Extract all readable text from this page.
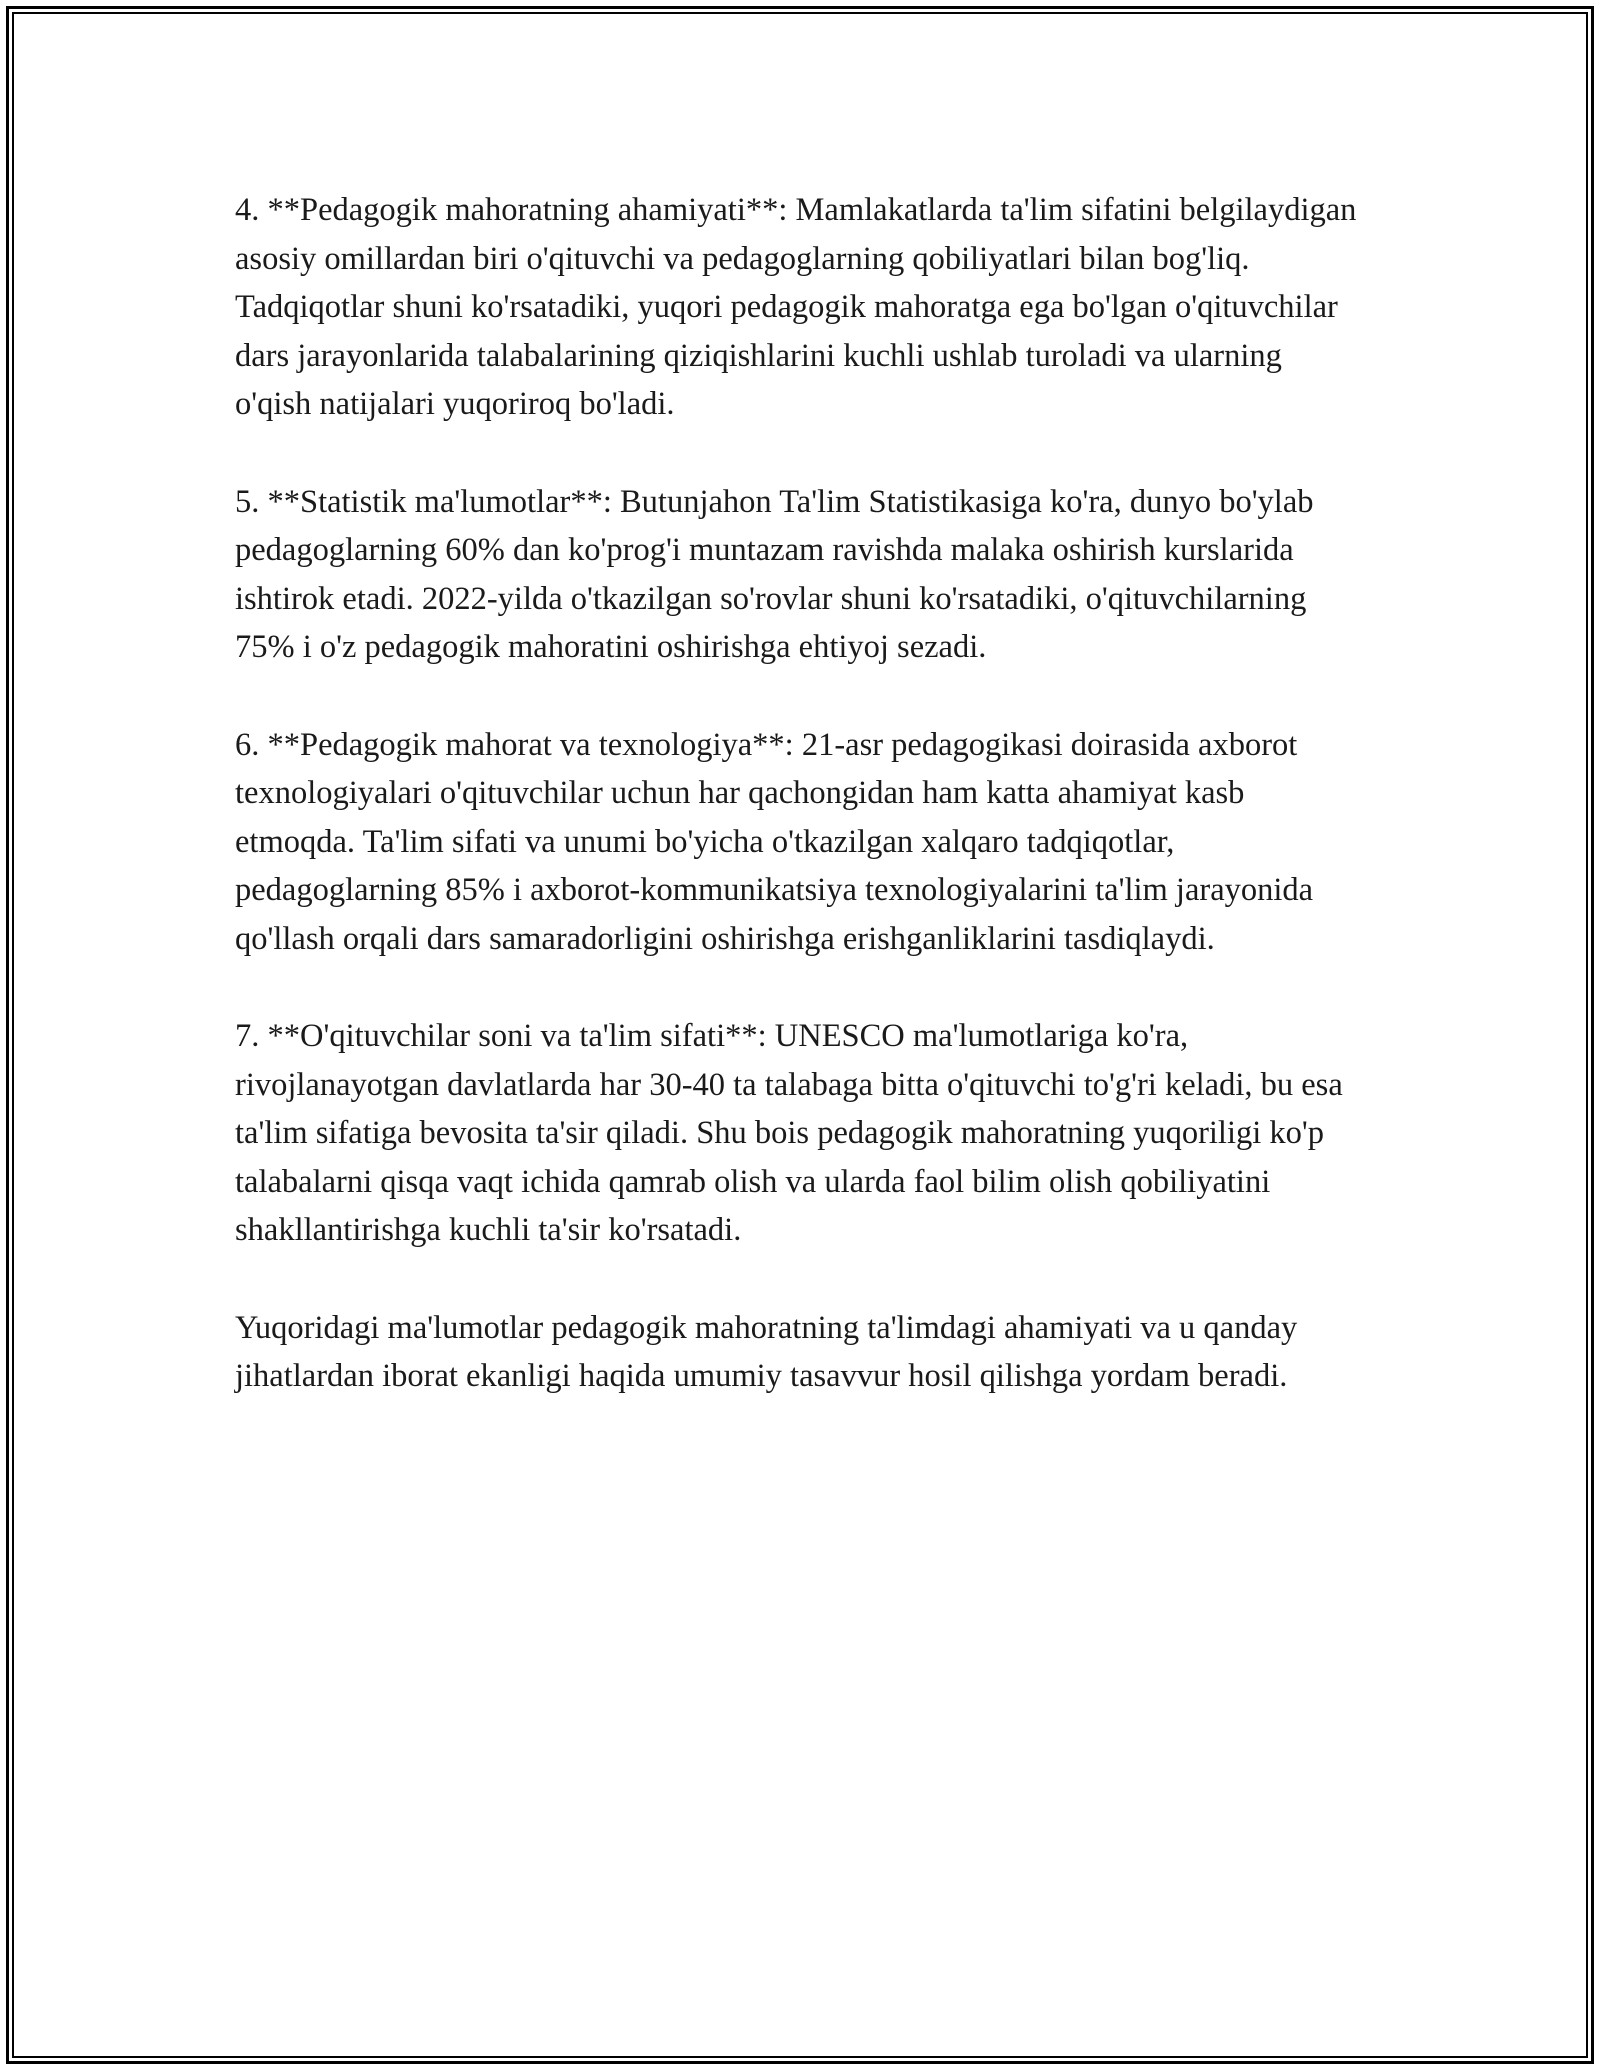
4. **Pedagogik mahoratning ahamiyati**: Mamlakatlarda ta'lim sifatini belgilaydigan asosiy omillardan biri o'qituvchi va pedagoglarning qobiliyatlari bilan bog'liq. Tadqiqotlar shuni ko'rsatadiki, yuqori pedagogik mahoratga ega bo'lgan o'qituvchilar dars jarayonlarida talabalarining qiziqishlarini kuchli ushlab turoladi va ularning o'qish natijalari yuqoriroq bo'ladi.

5. **Statistik ma'lumotlar**: Butunjahon Ta'lim Statistikasiga ko'ra, dunyo bo'ylab pedagoglarning 60% dan ko'prog'i muntazam ravishda malaka oshirish kurslarida ishtirok etadi. 2022-yilda o'tkazilgan so'rovlar shuni ko'rsatadiki, o'qituvchilarning 75% i o'z pedagogik mahoratini oshirishga ehtiyoj sezadi.

6. **Pedagogik mahorat va texnologiya**: 21-asr pedagogikasi doirasida axborot texnologiyalari o'qituvchilar uchun har qachongidan ham katta ahamiyat kasb etmoqda. Ta'lim sifati va unumi bo'yicha o'tkazilgan xalqaro tadqiqotlar, pedagoglarning 85% i axborot-kommunikatsiya texnologiyalarini ta'lim jarayonida qo'llash orqali dars samaradorligini oshirishga erishganliklarini tasdiqlaydi.

7. **O'qituvchilar soni va ta'lim sifati**: UNESCO ma'lumotlariga ko'ra, rivojlanayotgan davlatlarda har 30-40 ta talabaga bitta o'qituvchi to'g'ri keladi, bu esa ta'lim sifatiga bevosita ta'sir qiladi. Shu bois pedagogik mahoratning yuqoriligi ko'p talabalarni qisqa vaqt ichida qamrab olish va ularda faol bilim olish qobiliyatini shakllantirishga kuchli ta'sir ko'rsatadi.

Yuqoridagi ma'lumotlar pedagogik mahoratning ta'limdagi ahamiyati va u qanday jihatlardan iborat ekanligi haqida umumiy tasavvur hosil qilishga yordam beradi.
